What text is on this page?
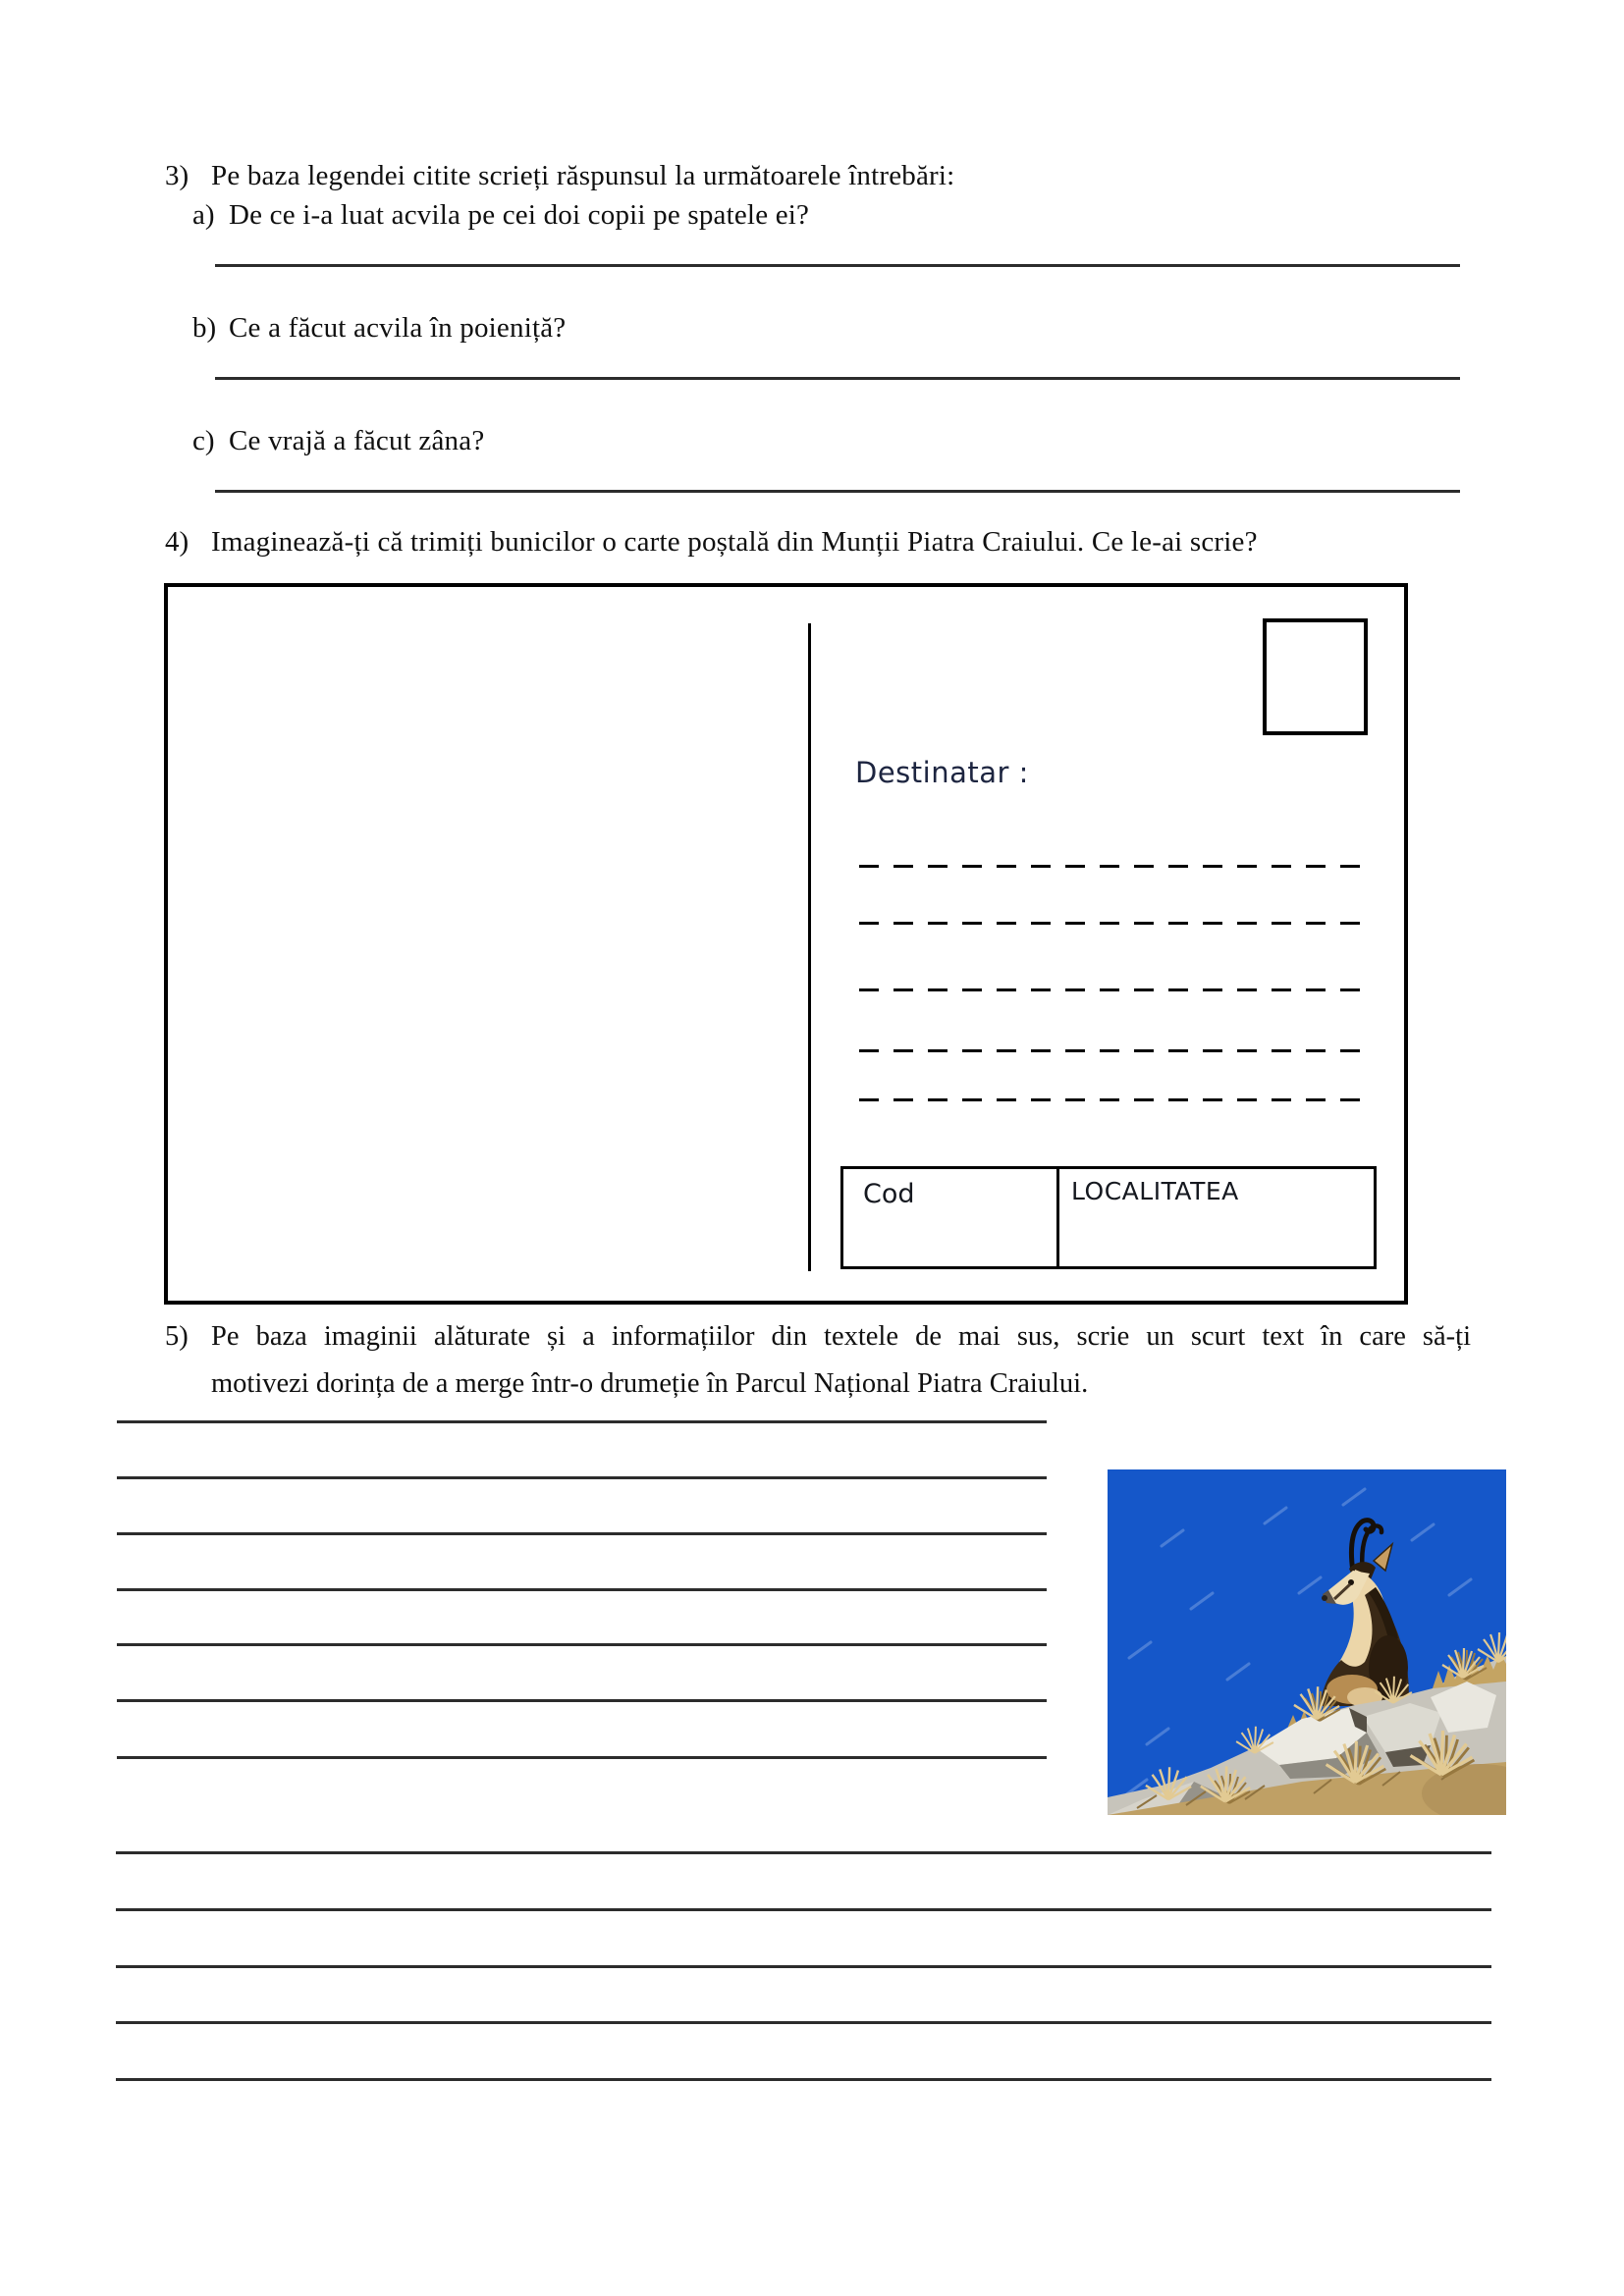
3) Pe baza legendei citite scrieți răspunsul la următoarele întrebări:
a) De ce i-a luat acvila pe cei doi copii pe spatele ei?
b) Ce a făcut acvila în poieniță?
c) Ce vrajă a făcut zâna?
4) Imaginează-ți că trimiți bunicilor o carte poștală din Munții Piatra Craiului. Ce le-ai scrie?
Destinatar :
Cod	LOCALITATEA
5) Pe baza imaginii alăturate și a informațiilor din textele de mai sus, scrie un scurt text în care să-ți
motivezi dorința de a merge într-o drumeție în Parcul Național Piatra Craiului.
